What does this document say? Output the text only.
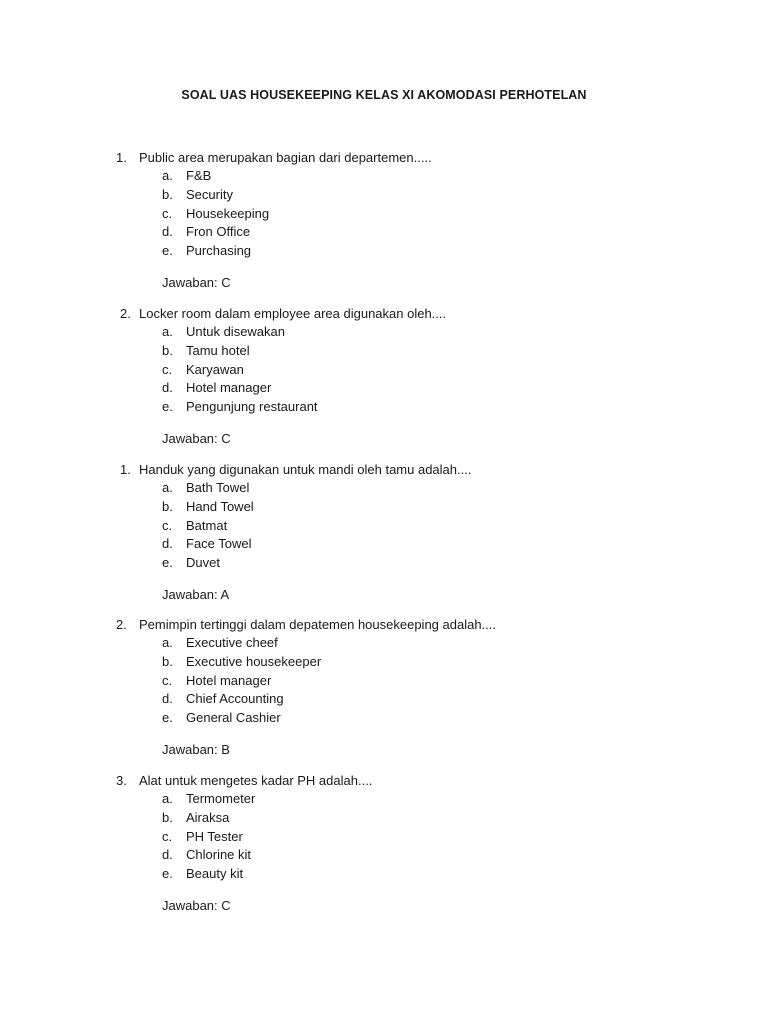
SOAL UAS HOUSEKEEPING KELAS XI AKOMODASI PERHOTELAN
1. Public area merupakan bagian dari departemen.....
a. F&B
b. Security
c. Housekeeping
d. Fron Office
e. Purchasing
Jawaban: C
2. Locker room dalam employee area digunakan oleh....
a. Untuk disewakan
b. Tamu hotel
c. Karyawan
d. Hotel manager
e. Pengunjung restaurant
Jawaban: C
1. Handuk yang digunakan untuk mandi oleh tamu adalah....
a. Bath Towel
b. Hand Towel
c. Batmat
d. Face Towel
e. Duvet
Jawaban: A
2. Pemimpin tertinggi dalam depatemen housekeeping adalah....
a. Executive cheef
b. Executive housekeeper
c. Hotel manager
d. Chief Accounting
e. General Cashier
Jawaban: B
3. Alat untuk mengetes kadar PH adalah....
a. Termometer
b. Airaksa
c. PH Tester
d. Chlorine kit
e. Beauty kit
Jawaban: C
